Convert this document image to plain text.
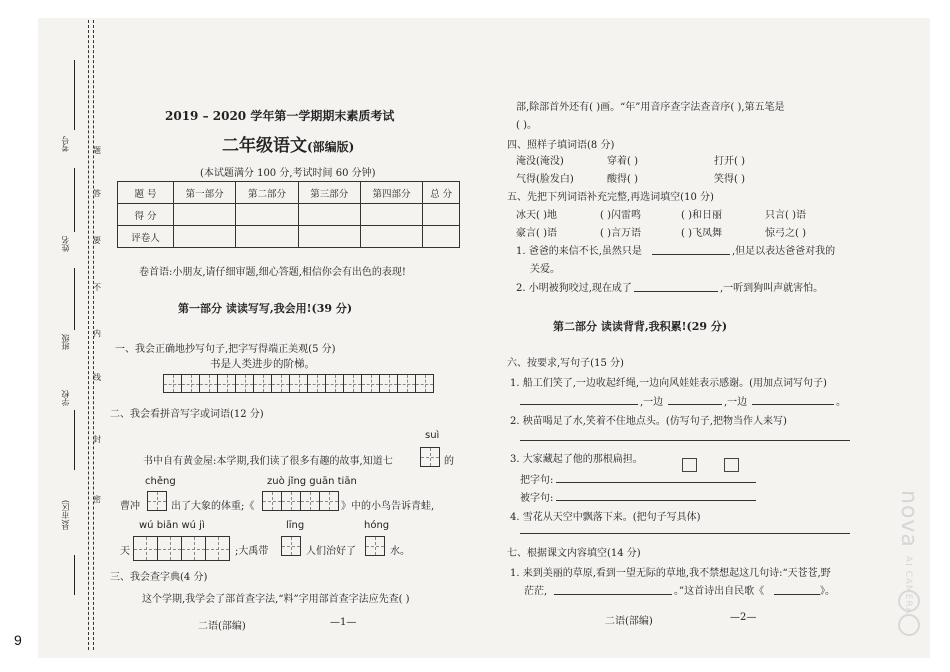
考号
姓名
班级
学校
县(市区)
题
答
要
不
内
线
封
密
9
2019 – 2020 学年第一学期期末素质考试
二年级语文(部编版)
(本试题满分 100 分,考试时间 60 分钟)
题 号	第一部分	第二部分	第三部分	第四部分	总 分
得 分					
评卷人					
卷首语:小朋友,请仔细审题,细心答题,相信你会有出色的表现!
第一部分 读读写写,我会用!(39 分)
一、我会正确地抄写句子,把字写得端正美观(5 分)
书是人类进步的阶梯。
二、我会看拼音写字或词语(12 分)
suì
书中自有黄金屋:本学期,我们读了很多有趣的故事,知道七	的
chěng	zuò jǐng guān tiān
曹冲	出了大象的体重;《	》中的小鸟告诉青蛙,
wú biān wú jì	līng	hóng
天	;大禹带	人们治好了	水。
三、我会查字典(4 分)
这个学期,我学会了部首查字法,“料”字用部首查字法应先查( )
二语(部编)	—1—
部,除部首外还有( )画。“年”用音序查字法查音序( ),第五笔是
( )。
四、照样子填词语(8 分)
淹没(淹没)	穿着( )	打开( )
气得(脸发白)	酸得( )	笑得( )
五、先把下列词语补充完整,再选词填空(10 分)
冰天( )地	( )闪雷鸣	( )和日丽	只言( )语
豪言( )语	( )言万语	( )飞凤舞	惊弓之( )
1. 爸爸的来信不长,虽然只是	,但足以表达爸爸对我的
关爱。
2. 小明被狗咬过,现在成了	,一听到狗叫声就害怕。
第二部分 读读背背,我积累!(29 分)
六、按要求,写句子(15 分)
1. 船工们笑了,一边收起纤绳,一边向风娃娃表示感谢。(用加点词写句子)
,一边	,一边	。
2. 秧苗喝足了水,笑着不住地点头。(仿写句子,把物当作人来写)
3. 大家藏起了他的那根扁担。
把字句:
被字句:
4. 雪花从天空中飘落下来。(把句子写具体)
七、根据课文内容填空(14 分)
1. 来到美丽的草原,看到一望无际的草地,我不禁想起这几句诗:“天苍苍,野
茫茫,	。”这首诗出自民歌《	》。
二语(部编)	—2—
nova AI CAMERA
